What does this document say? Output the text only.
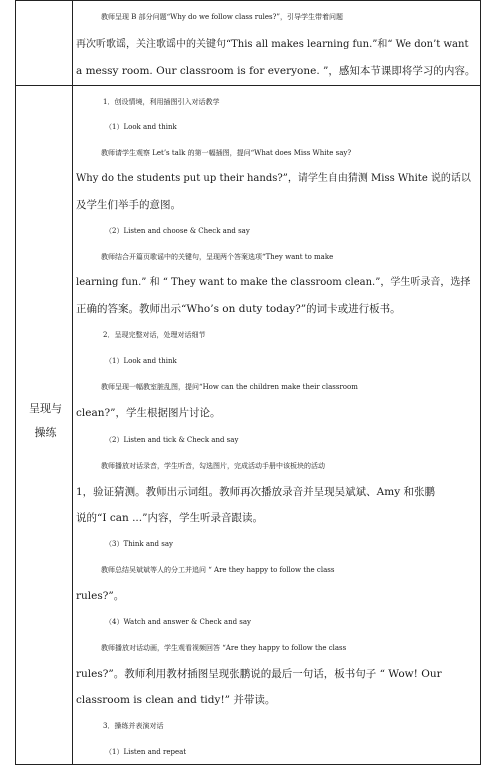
教师呈现 B 部分问题“Why do we follow class rules?”，引导学生带着问题
再次听歌谣，关注歌谣中的关键句“This all makes learning fun.”和“ We don’t want
a messy room. Our classroom is for everyone. ”，感知本节课即将学习的内容。
呈现与
操练
1．创设情境，利用插图引入对话教学
（1）Look and think
教师请学生观察 Let’s talk 的第一幅插图，提问“What does Miss White say?
Why do the students put up their hands?”，请学生自由猜测 Miss White 说的话以
及学生们举手的意图。
（2）Listen and choose & Check and say
教师结合开篇页歌谣中的关键句，呈现两个答案选项“They want to make
learning fun.” 和 “ They want to make the classroom clean.”，学生听录音，选择
正确的答案。教师出示“Who’s on duty today?”的词卡或进行板书。
2．呈现完整对话，处理对话细节
（1）Look and think
教师呈现一幅教室脏乱图，提问“How can the children make their classroom
clean?”，学生根据图片讨论。
（2）Listen and tick & Check and say
教师播放对话录音，学生听音，勾选图片，完成活动手册中该板块的活动
1，验证猜测。教师出示词组。教师再次播放录音并呈现吴斌斌、Amy 和张鹏
说的“I can ...”内容，学生听录音跟读。
（3）Think and say
教师总结吴斌斌等人的分工并追问 “ Are they happy to follow the class
rules?”。
（4）Watch and answer & Check and say
教师播放对话动画，学生观看视频回答 “Are they happy to follow the class
rules?”。教师利用教材插图呈现张鹏说的最后一句话，板书句子 “ Wow! Our
classroom is clean and tidy!” 并带读。
3．操练并表演对话
（1）Listen and repeat
